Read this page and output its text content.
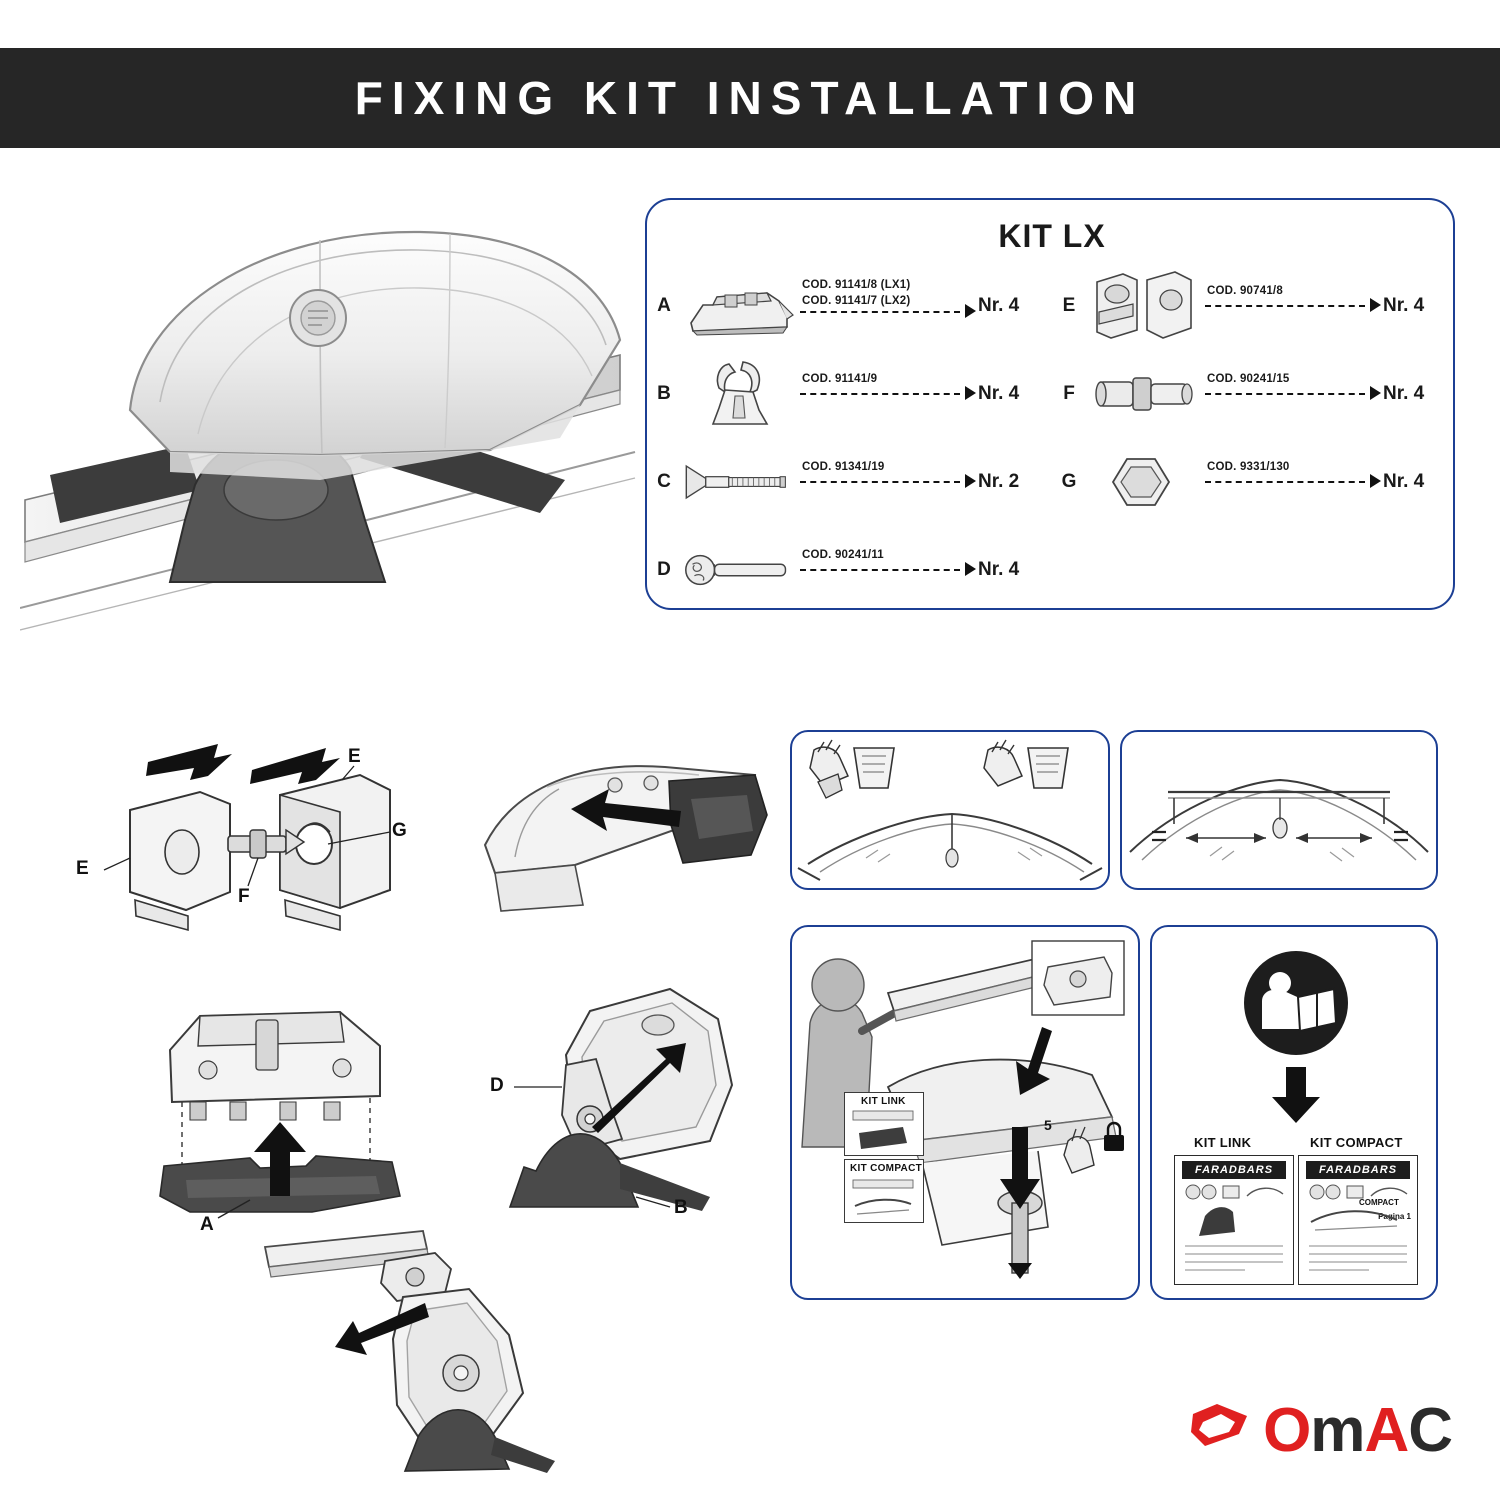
FIXING KIT INSTALLATION
KIT LX
A
COD. 91141/8 (LX1)
COD. 91141/7 (LX2)	Nr. 4
B
COD. 91141/9
Nr. 4
C
COD. 91341/19
Nr. 2
D
COD. 90241/11
Nr. 4
E
COD. 90741/8
Nr. 4
F
COD. 90241/15
Nr. 4
G
COD. 9331/130
Nr. 4
E
E
F
G
A
D
B
KIT LINK
KIT COMPACT
5
KIT LINK	KIT COMPACT
FARADBARS	FARADBARS
Pagina 1
COMPACT
OmAC
